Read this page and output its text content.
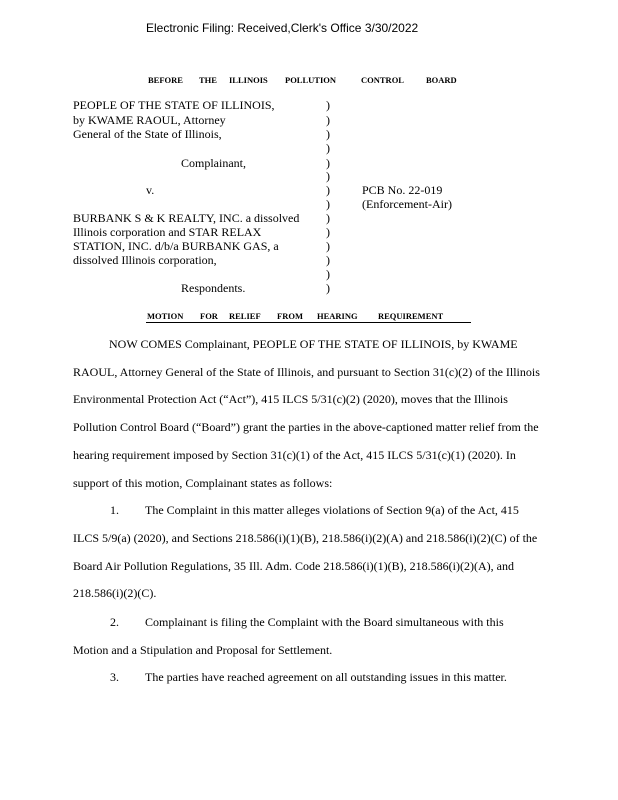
Electronic Filing: Received,Clerk's Office 3/30/2022
BEFORE THE ILLINOIS POLLUTION	CONTROL	BOARD
PEOPLE OF THE STATE OF ILLINOIS,
by KWAME RAOUL, Attorney
General of the State of Illinois,
Complainant,
v.
BURBANK S & K REALTY, INC. a dissolved
Illinois corporation and STAR RELAX
STATION, INC. d/b/a BURBANK GAS, a
dissolved Illinois corporation,
Respondents.
)
)
)
)
)
)
)
)
)
)
)
)
)
)
PCB No. 22-019
(Enforcement-Air)
MOTION FOR RELIEF FROM HEARING REQUIREMENT
NOW COMES Complainant, PEOPLE OF THE STATE OF ILLINOIS, by KWAME
RAOUL, Attorney General of the State of Illinois, and pursuant to Section 31(c)(2) of the Illinois
Environmental Protection Act (“Act”), 415 ILCS 5/31(c)(2) (2020), moves that the Illinois
Pollution Control Board (“Board”) grant the parties in the above-captioned matter relief from the
hearing requirement imposed by Section 31(c)(1) of the Act, 415 ILCS 5/31(c)(1) (2020). In
support of this motion, Complainant states as follows:
1. The Complaint in this matter alleges violations of Section 9(a) of the Act, 415
ILCS 5/9(a) (2020), and Sections 218.586(i)(1)(B), 218.586(i)(2)(A) and 218.586(i)(2)(C) of the
Board Air Pollution Regulations, 35 Ill. Adm. Code 218.586(i)(1)(B), 218.586(i)(2)(A), and
218.586(i)(2)(C).
2. Complainant is filing the Complaint with the Board simultaneous with this
Motion and a Stipulation and Proposal for Settlement.
3. The parties have reached agreement on all outstanding issues in this matter.
